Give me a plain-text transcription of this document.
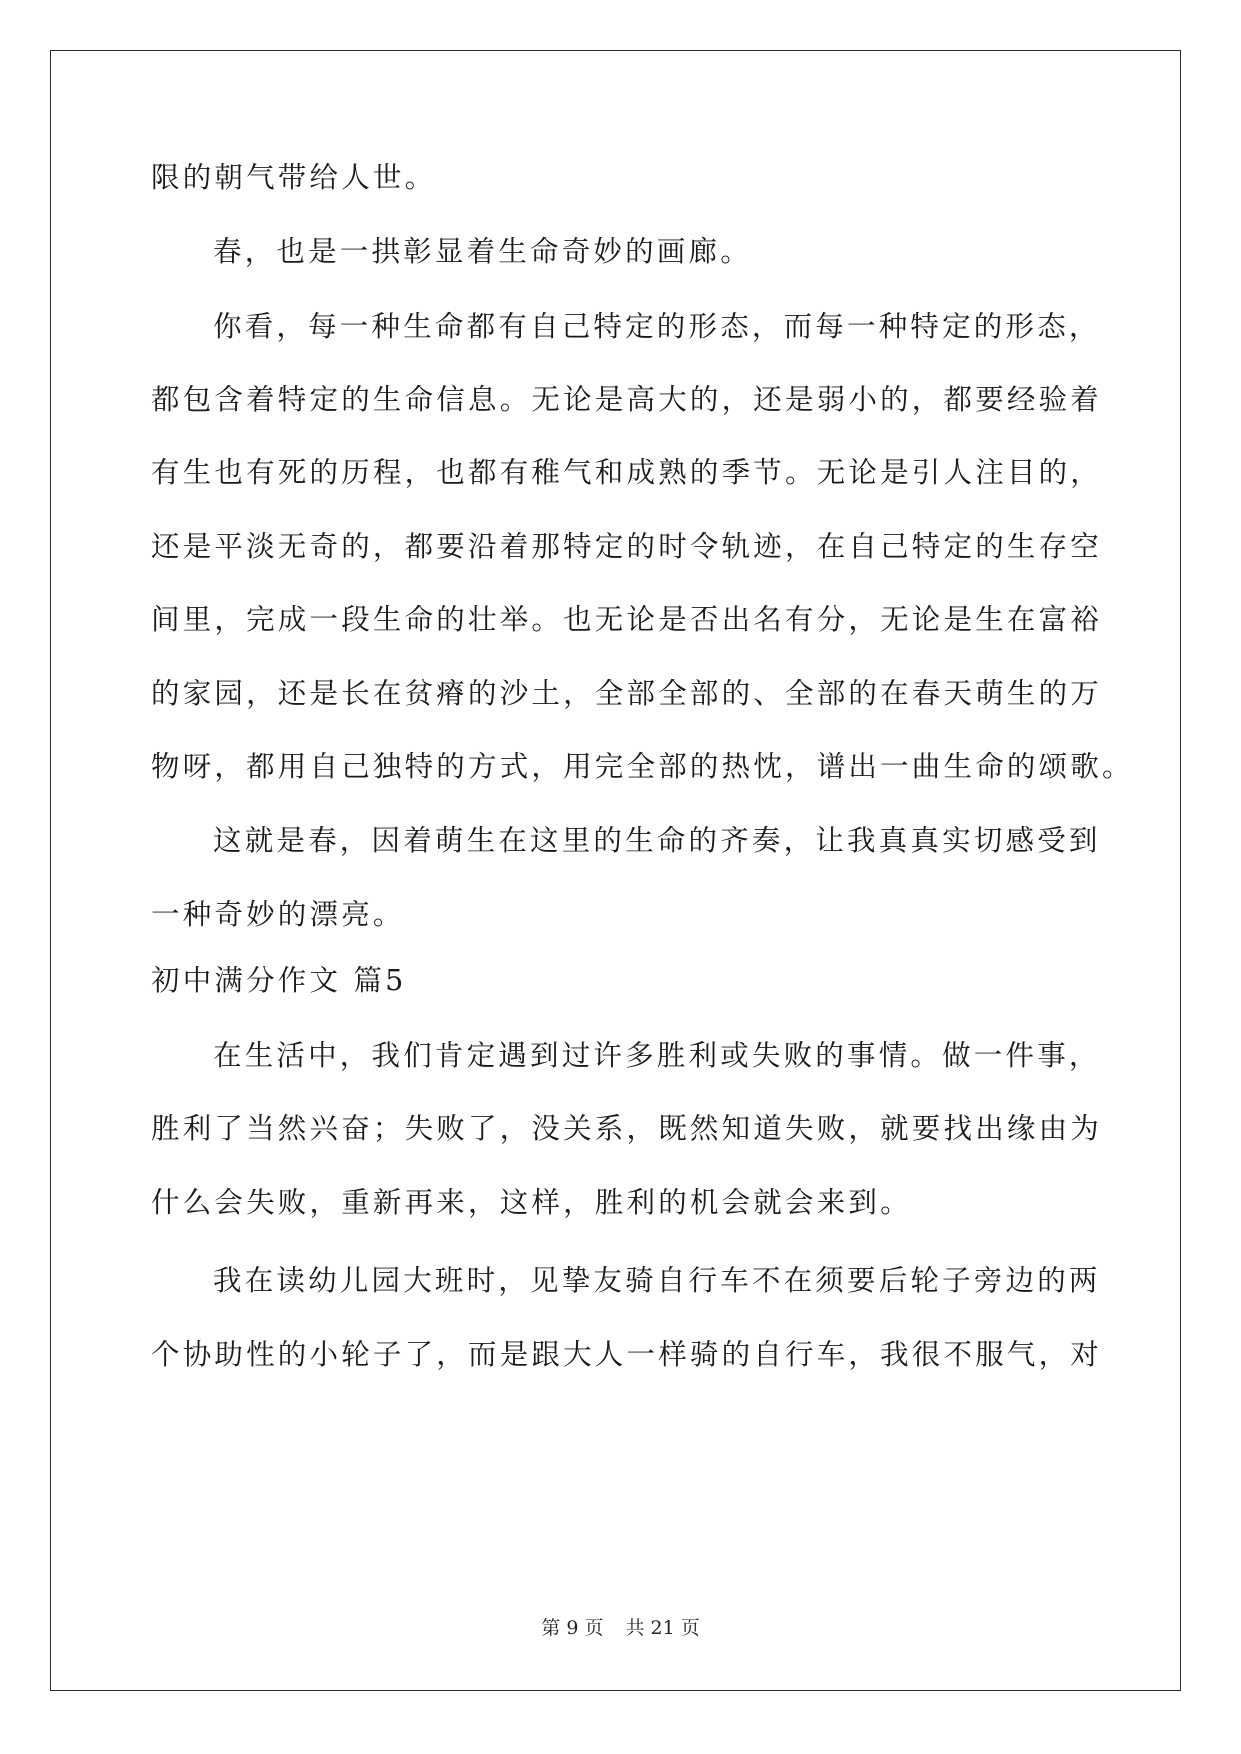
限的朝气带给人世。
春，也是一拱彰显着生命奇妙的画廊。
你看，每一种生命都有自己特定的形态，而每一种特定的形态，
都包含着特定的生命信息。无论是高大的，还是弱小的，都要经验着
有生也有死的历程，也都有稚气和成熟的季节。无论是引人注目的，
还是平淡无奇的，都要沿着那特定的时令轨迹，在自己特定的生存空
间里，完成一段生命的壮举。也无论是否出名有分，无论是生在富裕
的家园，还是长在贫瘠的沙土，全部全部的、全部的在春天萌生的万
物呀，都用自己独特的方式，用完全部的热忱，谱出一曲生命的颂歌。
这就是春，因着萌生在这里的生命的齐奏，让我真真实切感受到
一种奇妙的漂亮。
初中满分作文 篇5
在生活中，我们肯定遇到过许多胜利或失败的事情。做一件事，
胜利了当然兴奋；失败了，没关系，既然知道失败，就要找出缘由为
什么会失败，重新再来，这样，胜利的机会就会来到。
我在读幼儿园大班时，见挚友骑自行车不在须要后轮子旁边的两
个协助性的小轮子了，而是跟大人一样骑的自行车，我很不服气，对
第 9 页 共 21 页
